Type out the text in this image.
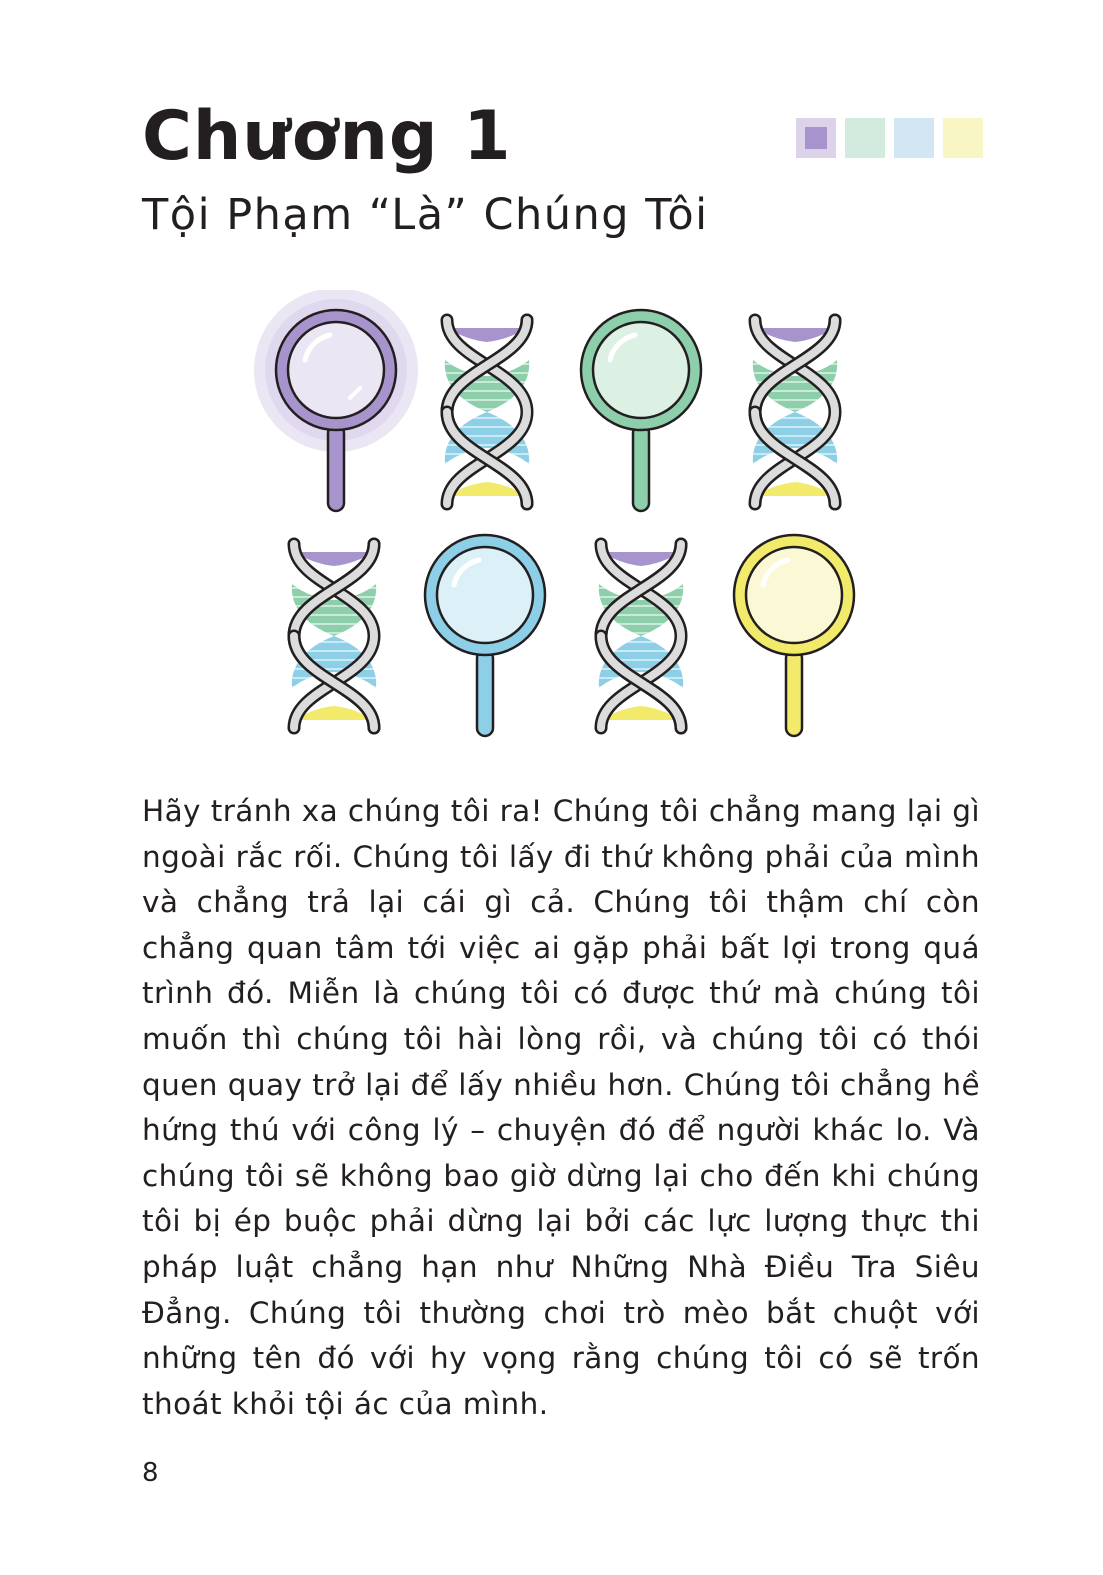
Chương 1
Tội Phạm “Là” Chúng Tôi

Hãy tránh xa chúng tôi ra! Chúng tôi chẳng mang lại gì ngoài rắc rối. Chúng tôi lấy đi thứ không phải của mình và chẳng trả lại cái gì cả. Chúng tôi thậm chí còn chẳng quan tâm tới việc ai gặp phải bất lợi trong quá trình đó. Miễn là chúng tôi có được thứ mà chúng tôi muốn thì chúng tôi hài lòng rồi, và chúng tôi có thói quen quay trở lại để lấy nhiều hơn. Chúng tôi chẳng hề hứng thú với công lý – chuyện đó để người khác lo. Và chúng tôi sẽ không bao giờ dừng lại cho đến khi chúng tôi bị ép buộc phải dừng lại bởi các lực lượng thực thi pháp luật chẳng hạn như Những Nhà Điều Tra Siêu Đẳng. Chúng tôi thường chơi trò mèo bắt chuột với những tên đó với hy vọng rằng chúng tôi có sẽ trốn thoát khỏi tội ác của mình.

8
